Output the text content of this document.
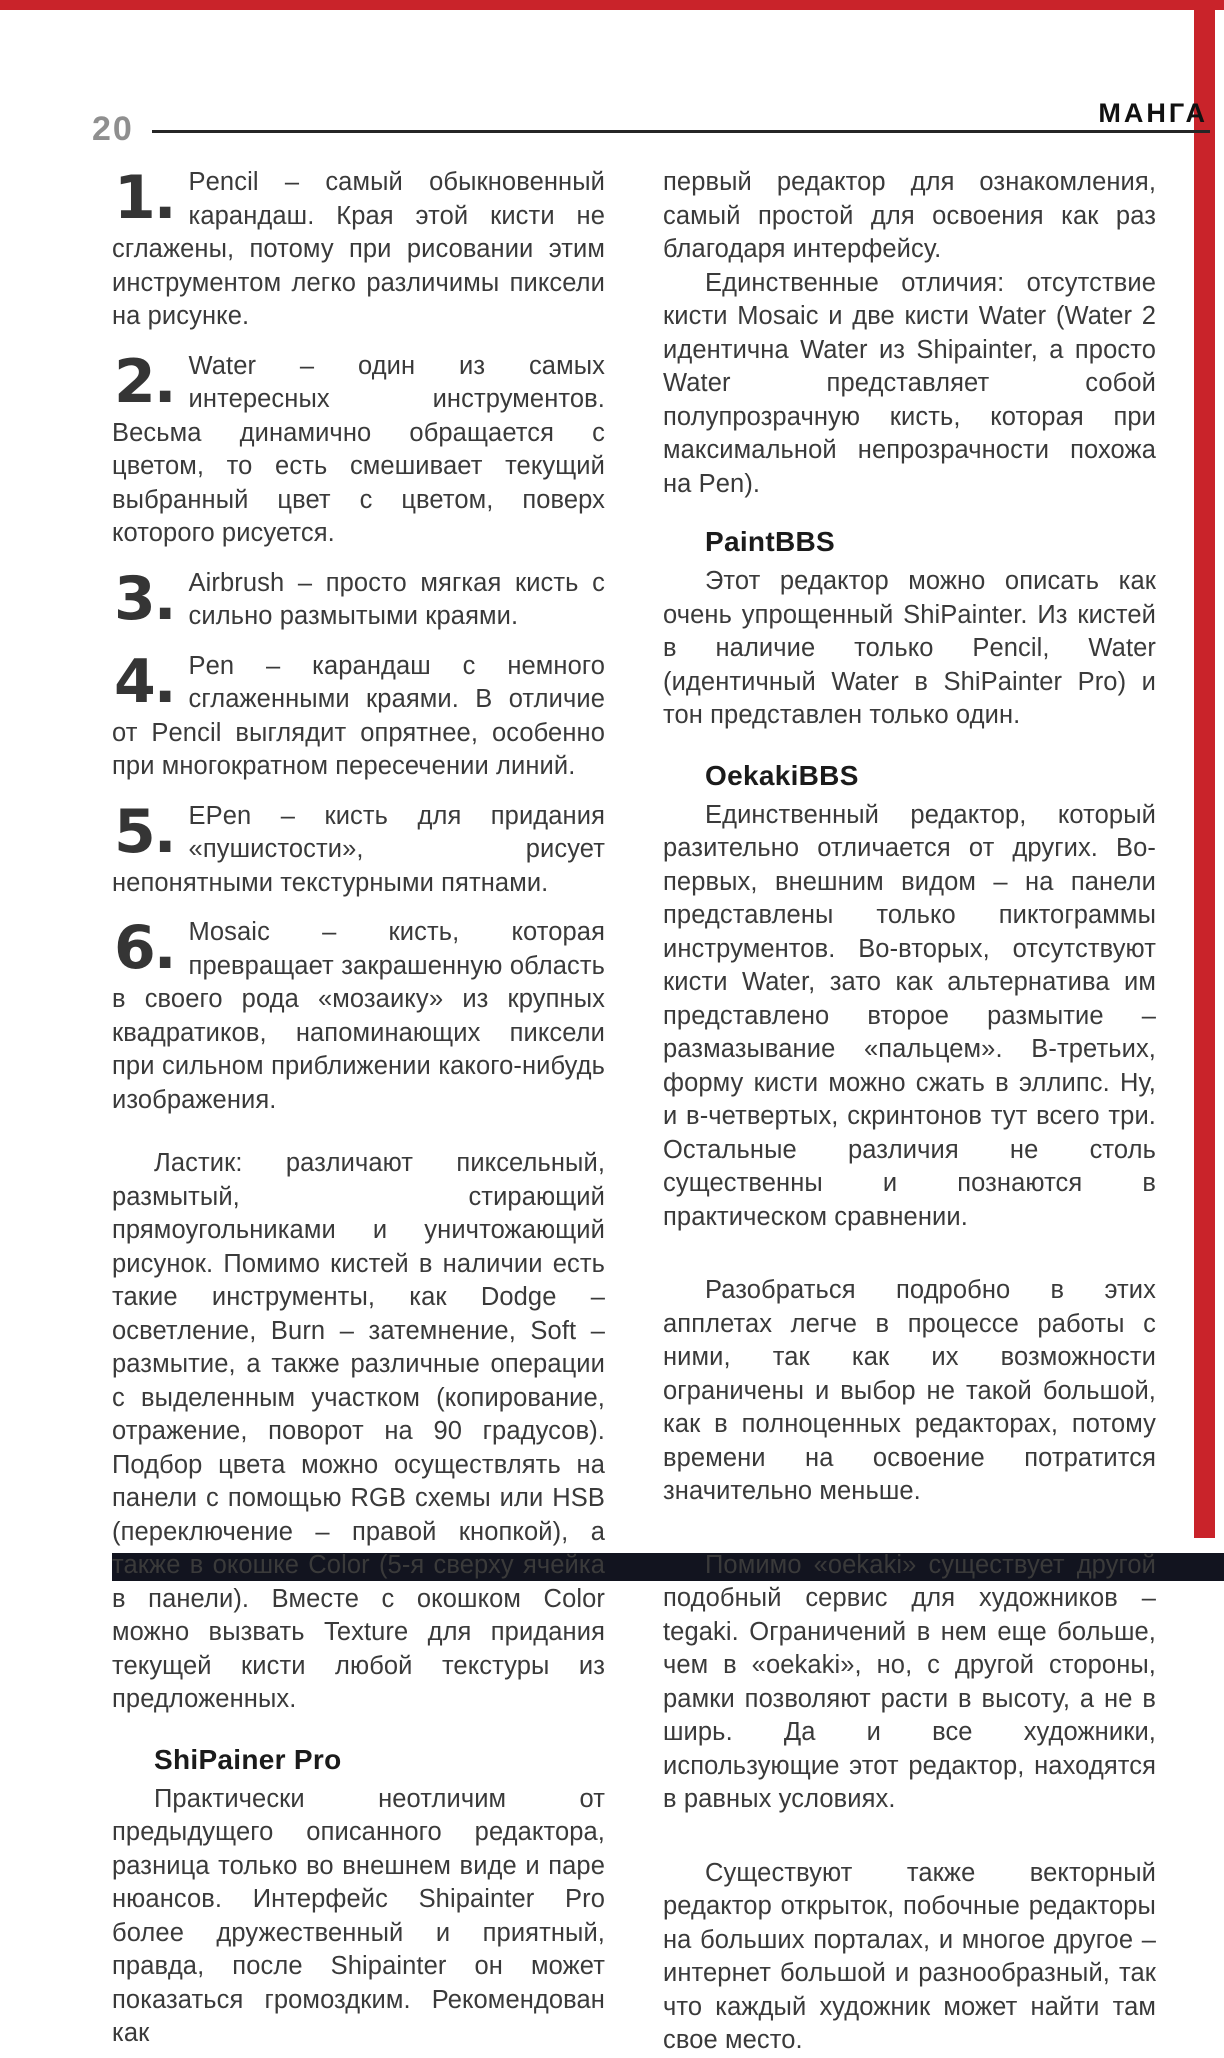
20	МАНГА
1. Pencil – самый обыкновенный карандаш. Края этой кисти не сглажены, потому при рисовании этим инструментом легко различимы пиксели на рисунке.
2. Water – один из самых интересных инструментов. Весьма динамично обращается с цветом, то есть смешивает текущий выбранный цвет с цветом, поверх которого рисуется.
3. Airbrush – просто мягкая кисть с сильно размытыми краями.
4. Pen – карандаш с немного сглаженными краями. В отличие от Pencil выглядит опрятнее, особенно при многократном пересечении линий.
5. EPen – кисть для придания «пушистости», рисует непонятными текстурными пятнами.
6. Mosaic – кисть, которая превращает закрашенную область в своего рода «мозаику» из крупных квадратиков, напоминающих пиксели при сильном приближении какого-нибудь изображения.

Ластик: различают пиксельный, размытый, стирающий прямоугольниками и уничтожающий рисунок. Помимо кистей в наличии есть такие инструменты, как Dodge – осветление, Burn – затемнение, Soft – размытие, а также различные операции с выделенным участком (копирование, отражение, поворот на 90 градусов). Подбор цвета можно осуществлять на панели с помощью RGB схемы или HSB (переключение – правой кнопкой), а также в окошке Color (5-я сверху ячейка в панели). Вместе с окошком Color можно вызвать Texture для придания текущей кисти любой текстуры из предложенных.

ShiPainer Pro

Практически неотличим от предыдущего описанного редактора, разница только во внешнем виде и паре нюансов. Интерфейс Shipainter Pro более дружественный и приятный, правда, после Shipainter он может показаться громоздким. Рекомендован как

первый редактор для ознакомления, самый простой для освоения как раз благодаря интерфейсу.

Единственные отличия: отсутствие кисти Mosaic и две кисти Water (Water 2 идентична Water из Shipainter, а просто Water представляет собой полупрозрачную кисть, которая при максимальной непрозрачности похожа на Pen).

PaintBBS

Этот редактор можно описать как очень упрощенный ShiPainter. Из кистей в наличие только Pencil, Water (идентичный Water в ShiPainter Pro) и тон представлен только один.

OekakiBBS

Единственный редактор, который разительно отличается от других. Во-первых, внешним видом – на панели представлены только пиктограммы инструментов. Во-вторых, отсутствуют кисти Water, зато как альтернатива им представлено второе размытие – размазывание «пальцем». В-третьих, форму кисти можно сжать в эллипс. Ну, и в-четвертых, скринтонов тут всего три. Остальные различия не столь существенны и познаются в практическом сравнении.

Разобраться подробно в этих апплетах легче в процессе работы с ними, так как их возможности ограничены и выбор не такой большой, как в полноценных редакторах, потому времени на освоение потратится значительно меньше.

Помимо «oekaki» существует другой подобный сервис для художников – tegaki. Ограничений в нем еще больше, чем в «oekaki», но, с другой стороны, рамки позволяют расти в высоту, а не в ширь. Да и все художники, использующие этот редактор, находятся в равных условиях.

Существуют также векторный редактор открыток, побочные редакторы на больших порталах, и многое другое – интернет большой и разнообразный, так что каждый художник может найти там свое место.
